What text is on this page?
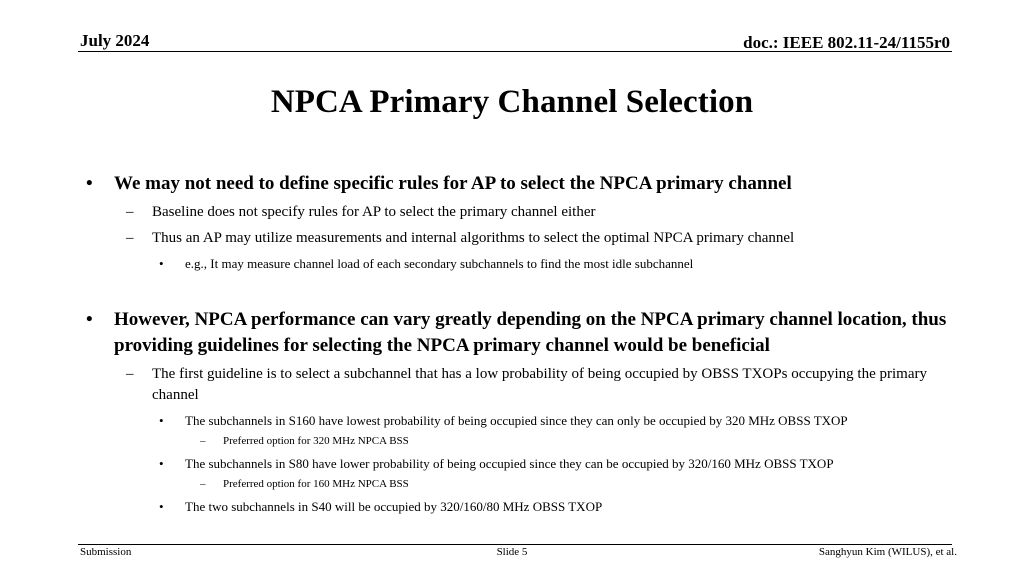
July 2024	doc.: IEEE 802.11-24/1155r0
NPCA Primary Channel Selection
• We may not need to define specific rules for AP to select the NPCA primary channel
– Baseline does not specify rules for AP to select the primary channel either
– Thus an AP may utilize measurements and internal algorithms to select the optimal NPCA primary channel
• e.g., It may measure channel load of each secondary subchannels to find the most idle subchannel
• However, NPCA performance can vary greatly depending on the NPCA primary channel location, thus providing guidelines for selecting the NPCA primary channel would be beneficial
– The first guideline is to select a subchannel that has a low probability of being occupied by OBSS TXOPs occupying the primary channel
• The subchannels in S160 have lowest probability of being occupied since they can only be occupied by 320 MHz OBSS TXOP
– Preferred option for 320 MHz NPCA BSS
• The subchannels in S80 have lower probability of being occupied since they can be occupied by 320/160 MHz OBSS TXOP
– Preferred option for 160 MHz NPCA BSS
• The two subchannels in S40 will be occupied by 320/160/80 MHz OBSS TXOP
Submission	Slide 5	Sanghyun Kim (WILUS), et al.
